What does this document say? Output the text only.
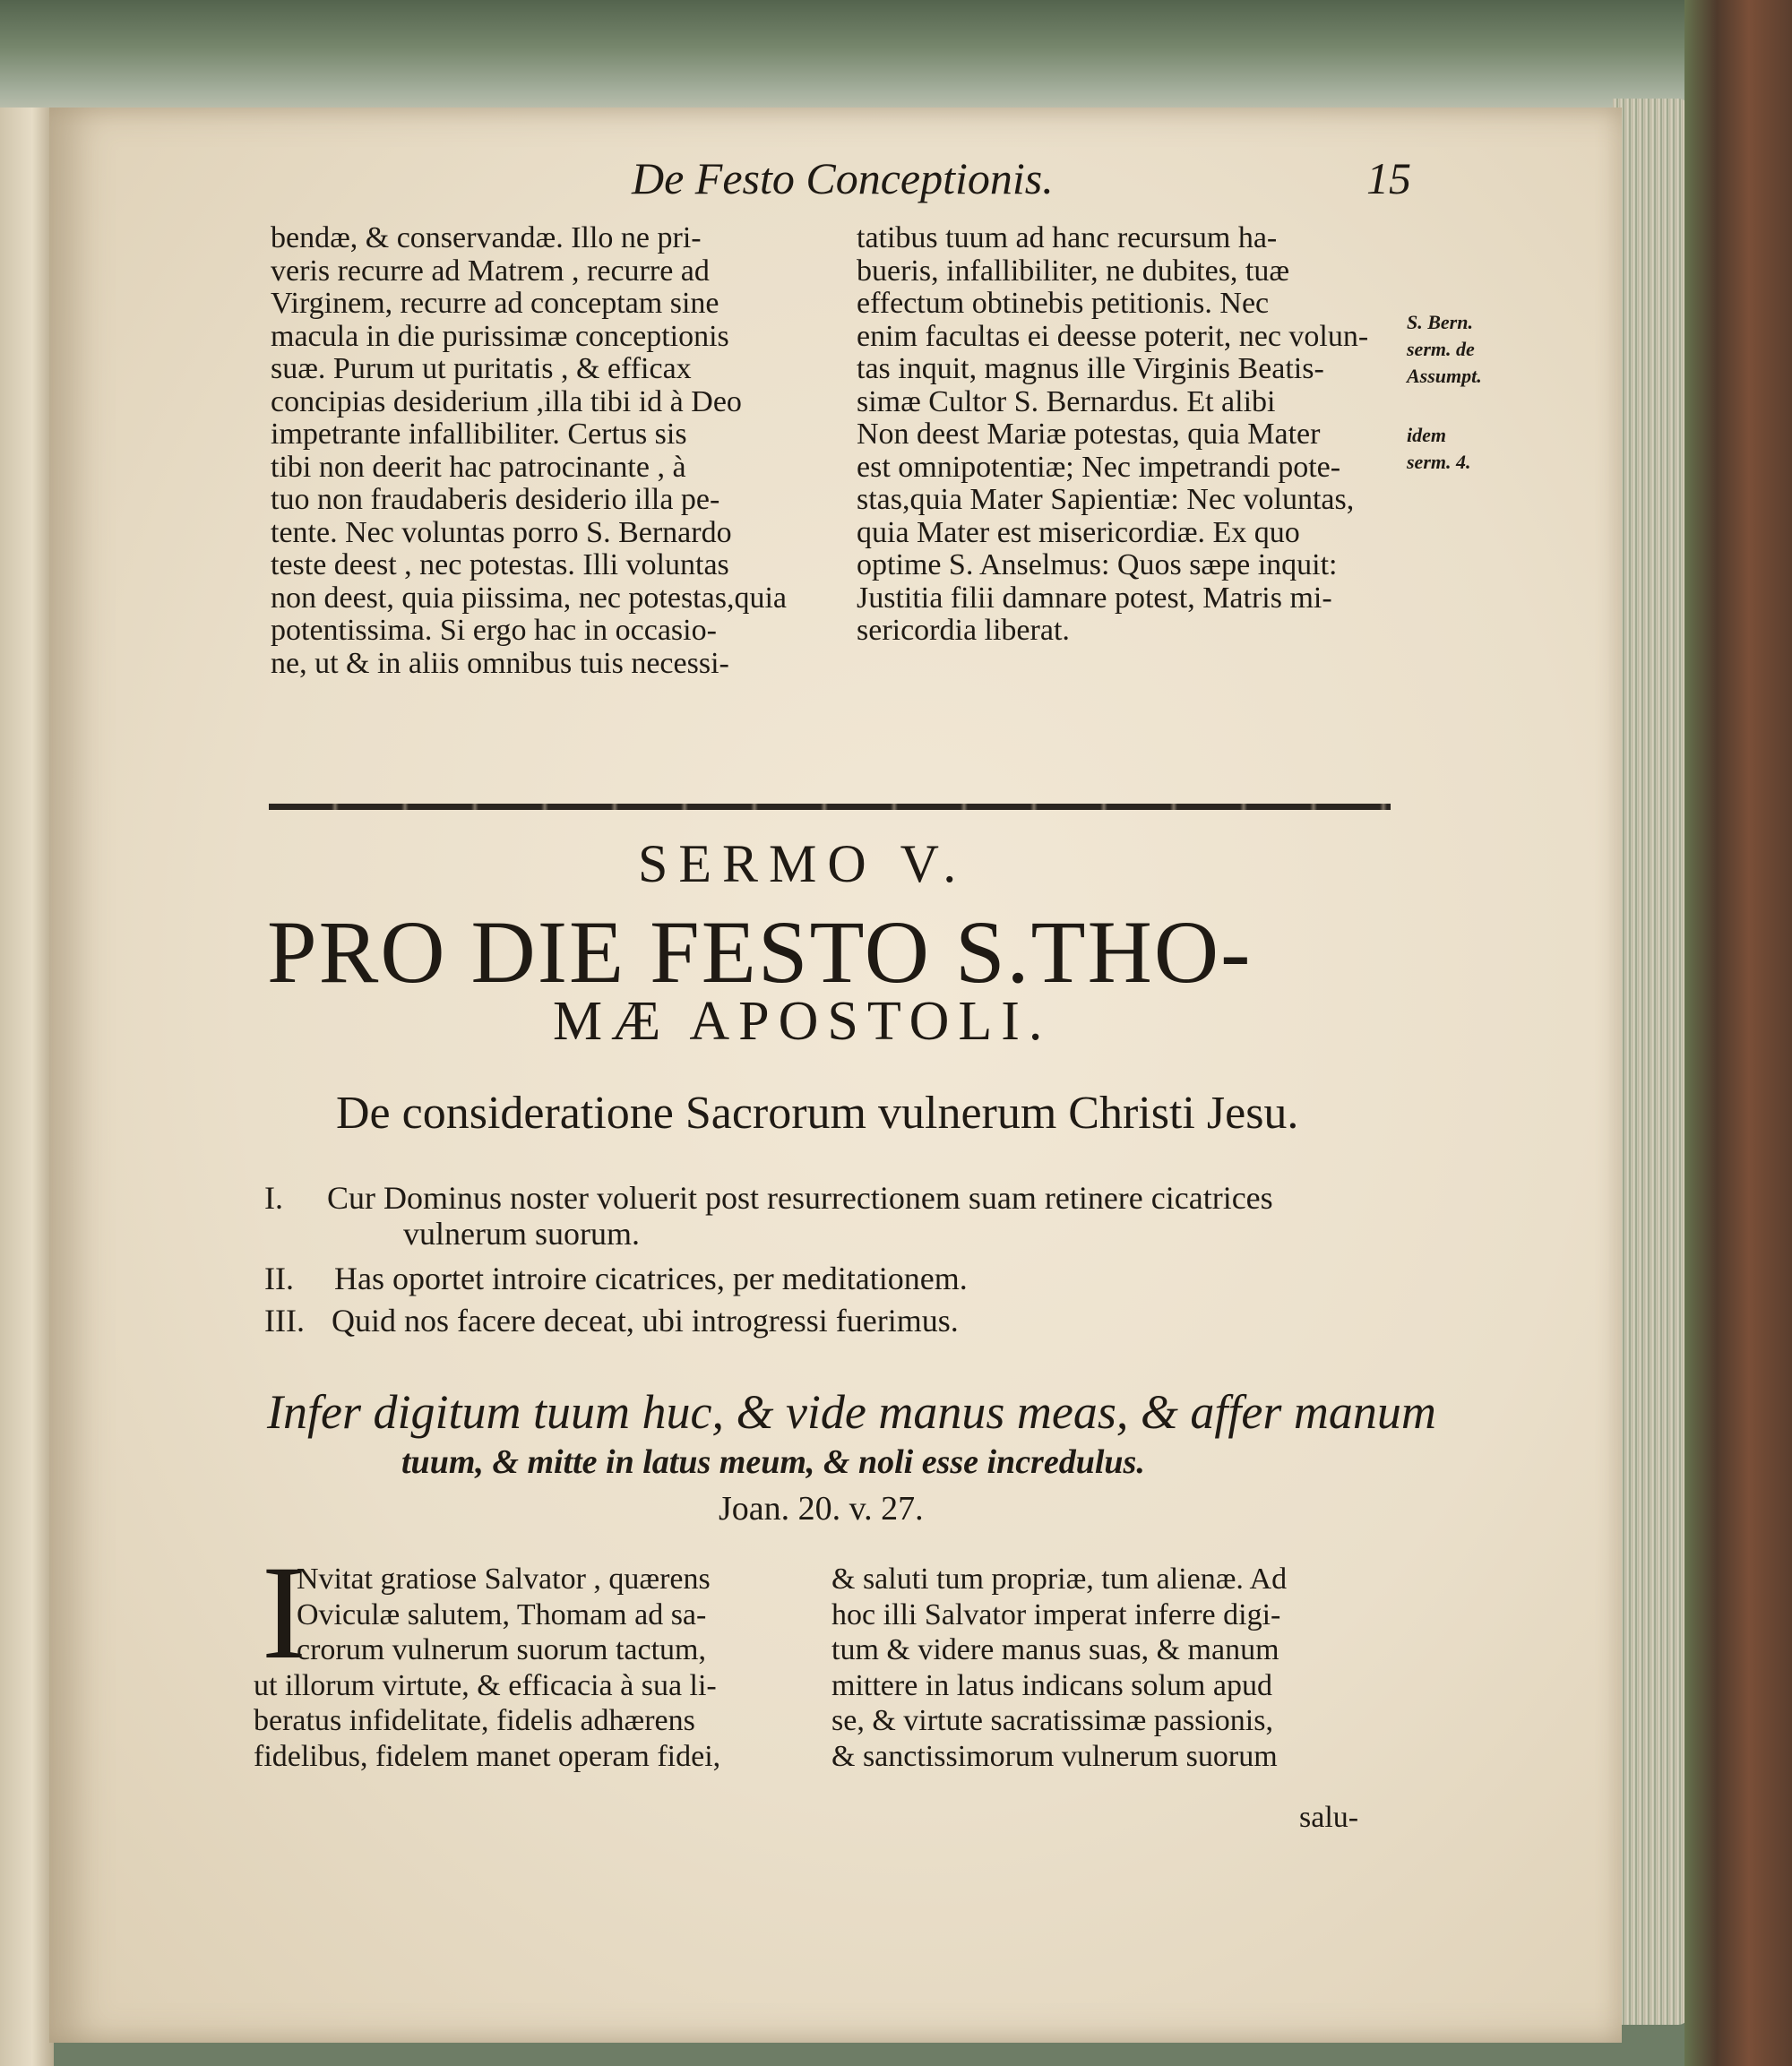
De Festo Conceptionis.	15
bendæ, & conservandæ. Illo ne pri-
veris recurre ad Matrem , recurre ad
Virginem, recurre ad conceptam sine
macula in die purissimæ conceptionis
suæ. Purum ut puritatis , & efficax
concipias desiderium ,illa tibi id à Deo
impetrante infallibiliter. Certus sis
tibi non deerit hac patrocinante , à
tuo non fraudaberis desiderio illa pe-
tente. Nec voluntas porro S. Bernardo
teste deest , nec potestas. Illi voluntas
non deest, quia piissima, nec potestas,quia
potentissima. Si ergo hac in occasio-
ne, ut & in aliis omnibus tuis necessi-
tatibus tuum ad hanc recursum ha-
bueris, infallibiliter, ne dubites, tuæ
effectum obtinebis petitionis. Nec
enim facultas ei deesse poterit, nec volun-
tas inquit, magnus ille Virginis Beatis-
simæ Cultor S. Bernardus. Et alibi
Non deest Mariæ potestas, quia Mater
est omnipotentiæ; Nec impetrandi pote-
stas,quia Mater Sapientiæ: Nec voluntas,
quia Mater est misericordiæ. Ex quo
optime S. Anselmus: Quos sæpe inquit:
Justitia filii damnare potest, Matris mi-
sericordia liberat.
S. Bern.
serm. de
Assumpt.
idem
serm. 4.
SERMO V.
PRO DIE FESTO S.THO-
MÆ APOSTOLI.
De consideratione Sacrorum vulnerum Christi Jesu.
I. Cur Dominus noster voluerit post resurrectionem suam retinere cicatrices
vulnerum suorum.
II. Has oportet introire cicatrices, per meditationem.
III. Quid nos facere deceat, ubi introgressi fuerimus.
Infer digitum tuum huc, & vide manus meas, & affer manum
tuum, & mitte in latus meum, & noli esse incredulus.
Joan. 20. v. 27.
I
Nvitat gratiose Salvator , quærens
Oviculæ salutem, Thomam ad sa-
crorum vulnerum suorum tactum,
ut illorum virtute, & efficacia à sua li-
beratus infidelitate, fidelis adhærens
fidelibus, fidelem manet operam fidei,
& saluti tum propriæ, tum alienæ. Ad
hoc illi Salvator imperat inferre digi-
tum & videre manus suas, & manum
mittere in latus indicans solum apud
se, & virtute sacratissimæ passionis,
& sanctissimorum vulnerum suorum
salu-
